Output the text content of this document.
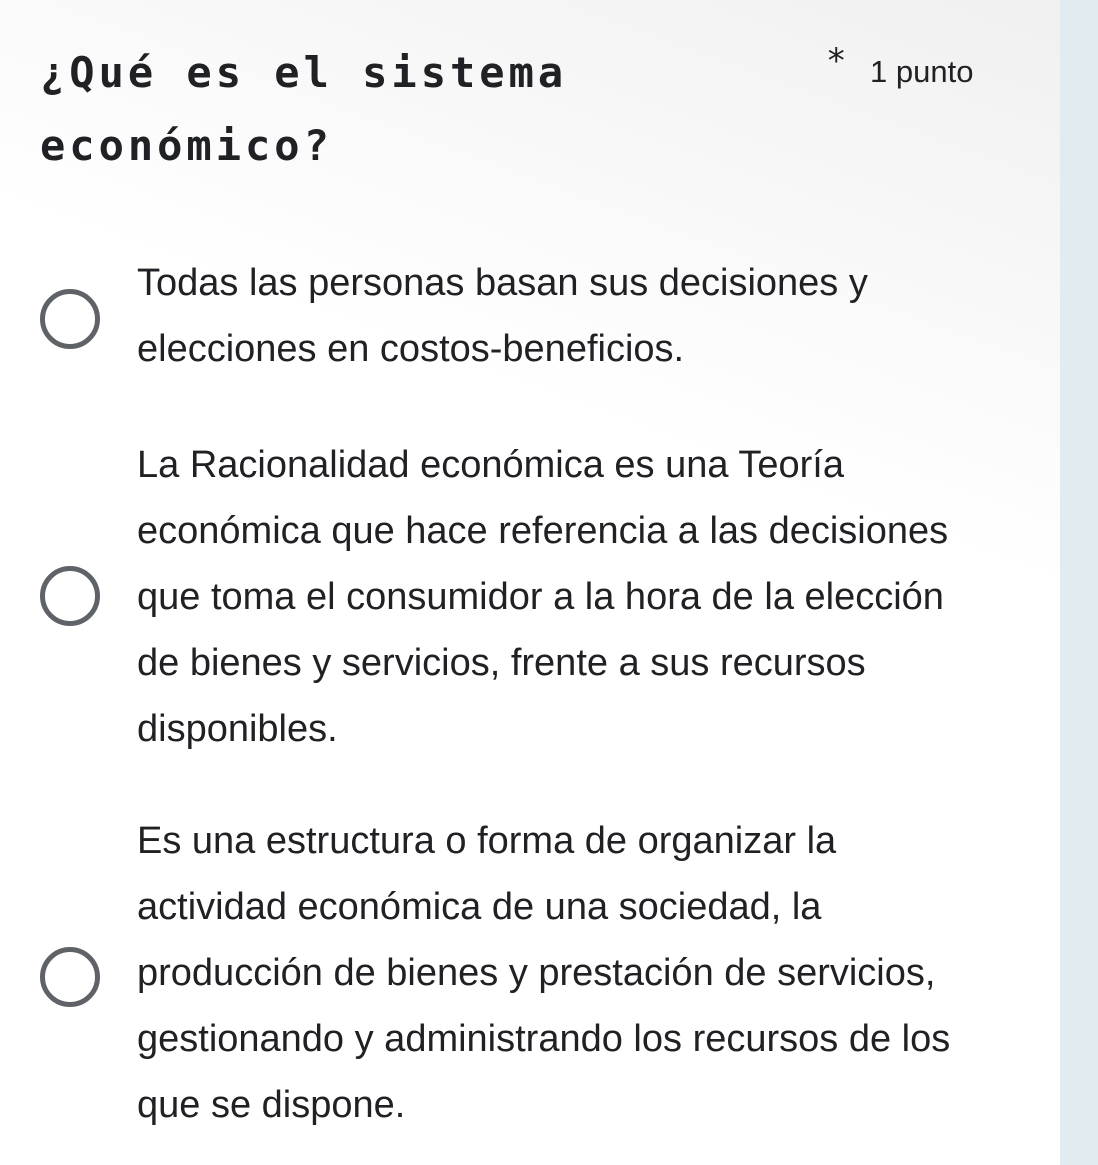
¿Qué es el sistema económico?
* 1 punto

Todas las personas basan sus decisiones y elecciones en costos-beneficios.

La Racionalidad económica es una Teoría económica que hace referencia a las decisiones que toma el consumidor a la hora de la elección de bienes y servicios, frente a sus recursos disponibles.

Es una estructura o forma de organizar la actividad económica de una sociedad, la producción de bienes y prestación de servicios, gestionando y administrando los recursos de los que se dispone.
